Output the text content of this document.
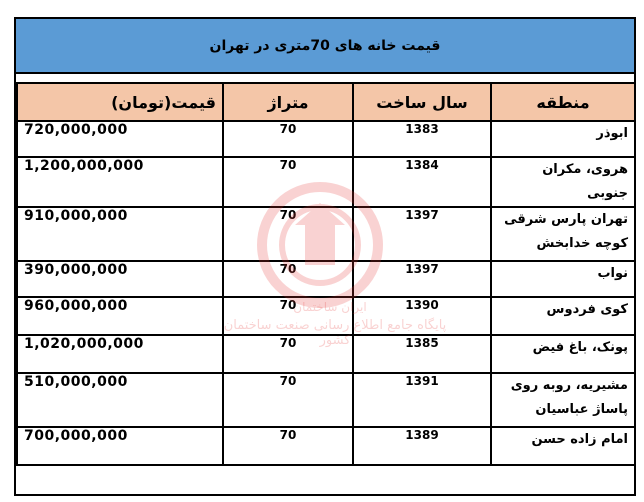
قیمت خانه های 70متری در تهران
منطقه	سال ساخت	متراژ	قیمت(تومان)
ابوذر	1383	70	720,000,000
هروی، مکران جنوبی	1384	70	1,200,000,000
تهران پارس شرقی کوچه خدابخش	1397	70	910,000,000
نواب	1397	70	390,000,000
کوی فردوس	1390	70	960,000,000
پونک، باغ فیض	1385	70	1,020,000,000
مشیریه، روبه روی پاساژ عباسیان	1391	70	510,000,000
امام زاده حسن	1389	70	700,000,000
ایران ساختمان
پایگاه جامع اطلاع رسانی صنعت ساختمان کشور
